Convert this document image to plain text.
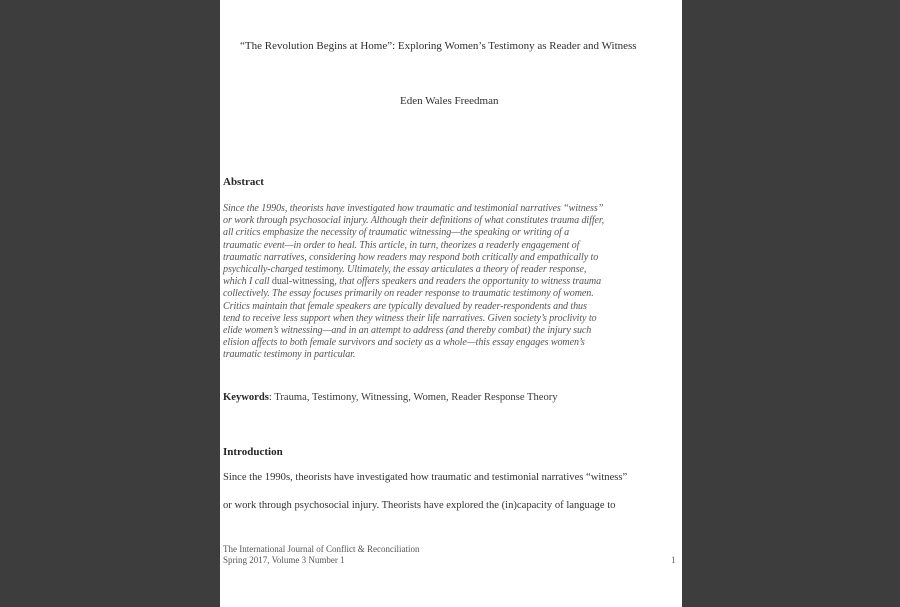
“The Revolution Begins at Home”: Exploring Women’s Testimony as Reader and Witness
Eden Wales Freedman
Abstract
Since the 1990s, theorists have investigated how traumatic and testimonial narratives “witness”
or work through psychosocial injury. Although their definitions of what constitutes trauma differ,
all critics emphasize the necessity of traumatic witnessing—the speaking or writing of a
traumatic event—in order to heal. This article, in turn, theorizes a readerly engagement of
traumatic narratives, considering how readers may respond both critically and empathically to
psychically-charged testimony. Ultimately, the essay articulates a theory of reader response,
which I call dual-witnessing, that offers speakers and readers the opportunity to witness trauma
collectively. The essay focuses primarily on reader response to traumatic testimony of women.
Critics maintain that female speakers are typically devalued by reader-respondents and thus
tend to receive less support when they witness their life narratives. Given society’s proclivity to
elide women’s witnessing—and in an attempt to address (and thereby combat) the injury such
elision affects to both female survivors and society as a whole—this essay engages women’s
traumatic testimony in particular.
Keywords: Trauma, Testimony, Witnessing, Women, Reader Response Theory
Introduction
Since the 1990s, theorists have investigated how traumatic and testimonial narratives “witness”
or work through psychosocial injury. Theorists have explored the (in)capacity of language to
The International Journal of Conflict & Reconciliation
Spring 2017, Volume 3 Number 1	1
